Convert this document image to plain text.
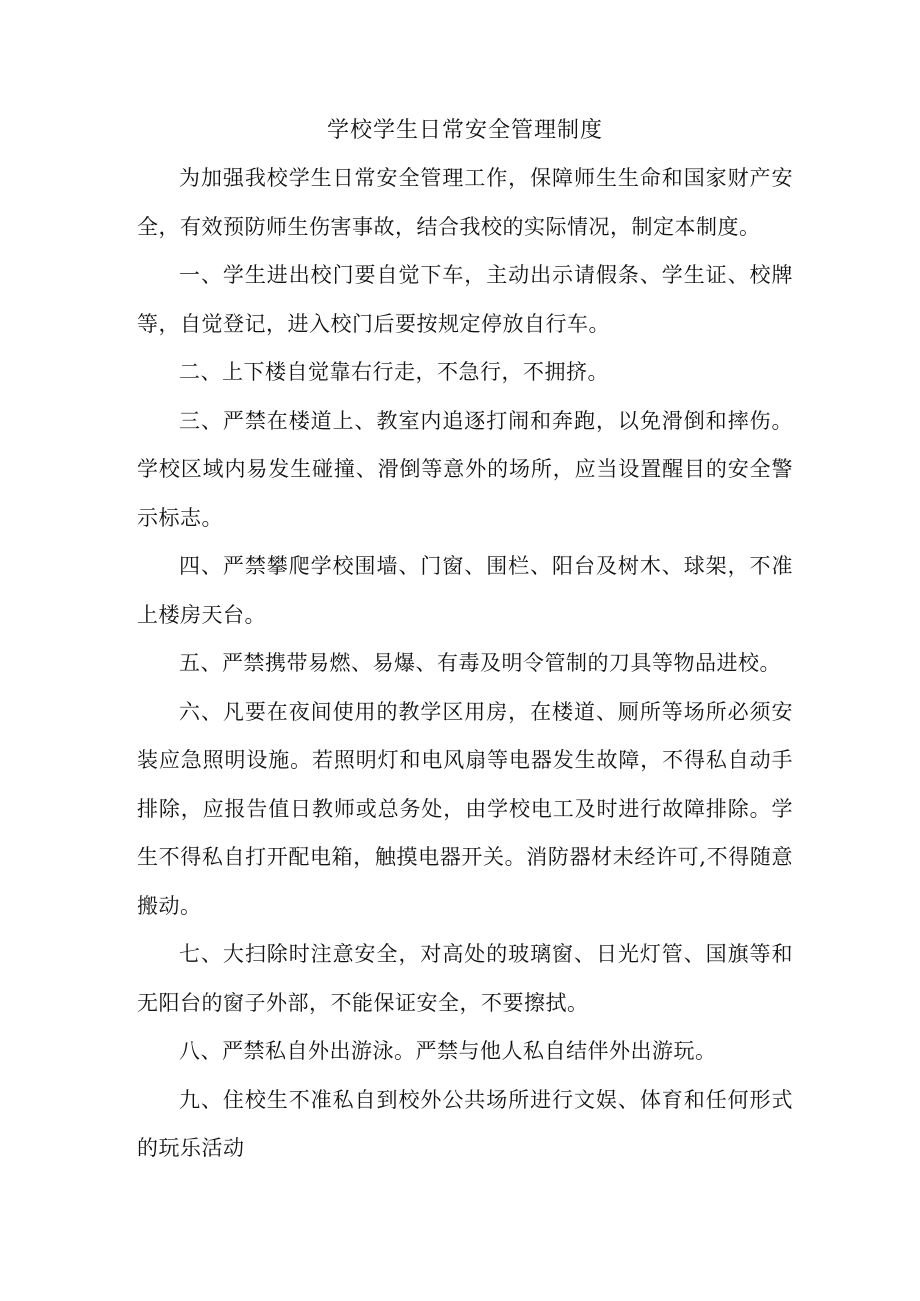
学校学生日常安全管理制度

为加强我校学生日常安全管理工作，保障师生生命和国家财产安全，有效预防师生伤害事故，结合我校的实际情况，制定本制度。

一、学生进出校门要自觉下车，主动出示请假条、学生证、校牌等，自觉登记，进入校门后要按规定停放自行车。

二、上下楼自觉靠右行走，不急行，不拥挤。

三、严禁在楼道上、教室内追逐打闹和奔跑，以免滑倒和摔伤。学校区域内易发生碰撞、滑倒等意外的场所，应当设置醒目的安全警示标志。

四、严禁攀爬学校围墙、门窗、围栏、阳台及树木、球架，不准上楼房天台。

五、严禁携带易燃、易爆、有毒及明令管制的刀具等物品进校。

六、凡要在夜间使用的教学区用房，在楼道、厕所等场所必须安装应急照明设施。若照明灯和电风扇等电器发生故障，不得私自动手排除，应报告值日教师或总务处，由学校电工及时进行故障排除。学生不得私自打开配电箱，触摸电器开关。消防器材未经许可,不得随意搬动。

七、大扫除时注意安全，对高处的玻璃窗、日光灯管、国旗等和无阳台的窗子外部，不能保证安全，不要擦拭。

八、严禁私自外出游泳。严禁与他人私自结伴外出游玩。

九、住校生不准私自到校外公共场所进行文娱、体育和任何形式的玩乐活动
